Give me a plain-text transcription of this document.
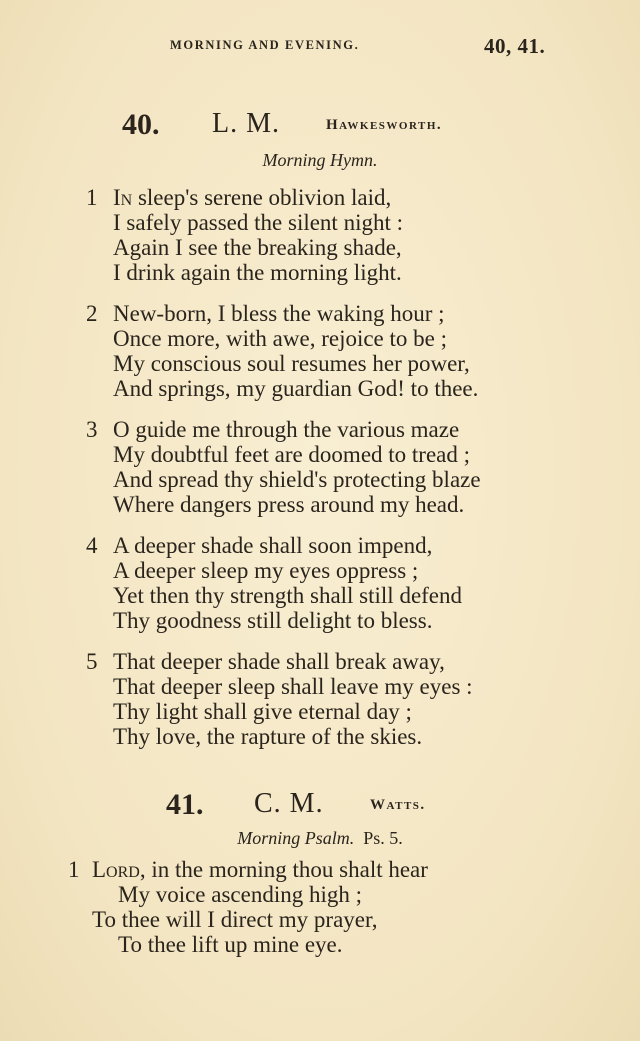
MORNING AND EVENING.	40, 41.
40. L. M.	Hawkesworth.
Morning Hymn.
1 In sleep's serene oblivion laid,
I safely passed the silent night :
Again I see the breaking shade,
I drink again the morning light.
2 New-born, I bless the waking hour ;
Once more, with awe, rejoice to be ;
My conscious soul resumes her power,
And springs, my guardian God! to thee.
3 O guide me through the various maze
My doubtful feet are doomed to tread ;
And spread thy shield's protecting blaze
Where dangers press around my head.
4 A deeper shade shall soon impend,
A deeper sleep my eyes oppress ;
Yet then thy strength shall still defend
Thy goodness still delight to bless.
5 That deeper shade shall break away,
That deeper sleep shall leave my eyes :
Thy light shall give eternal day ;
Thy love, the rapture of the skies.
41. C. M.	Watts.
Morning Psalm. Ps. 5.
1 Lord, in the morning thou shalt hear
My voice ascending high ;
To thee will I direct my prayer,
To thee lift up mine eye.
